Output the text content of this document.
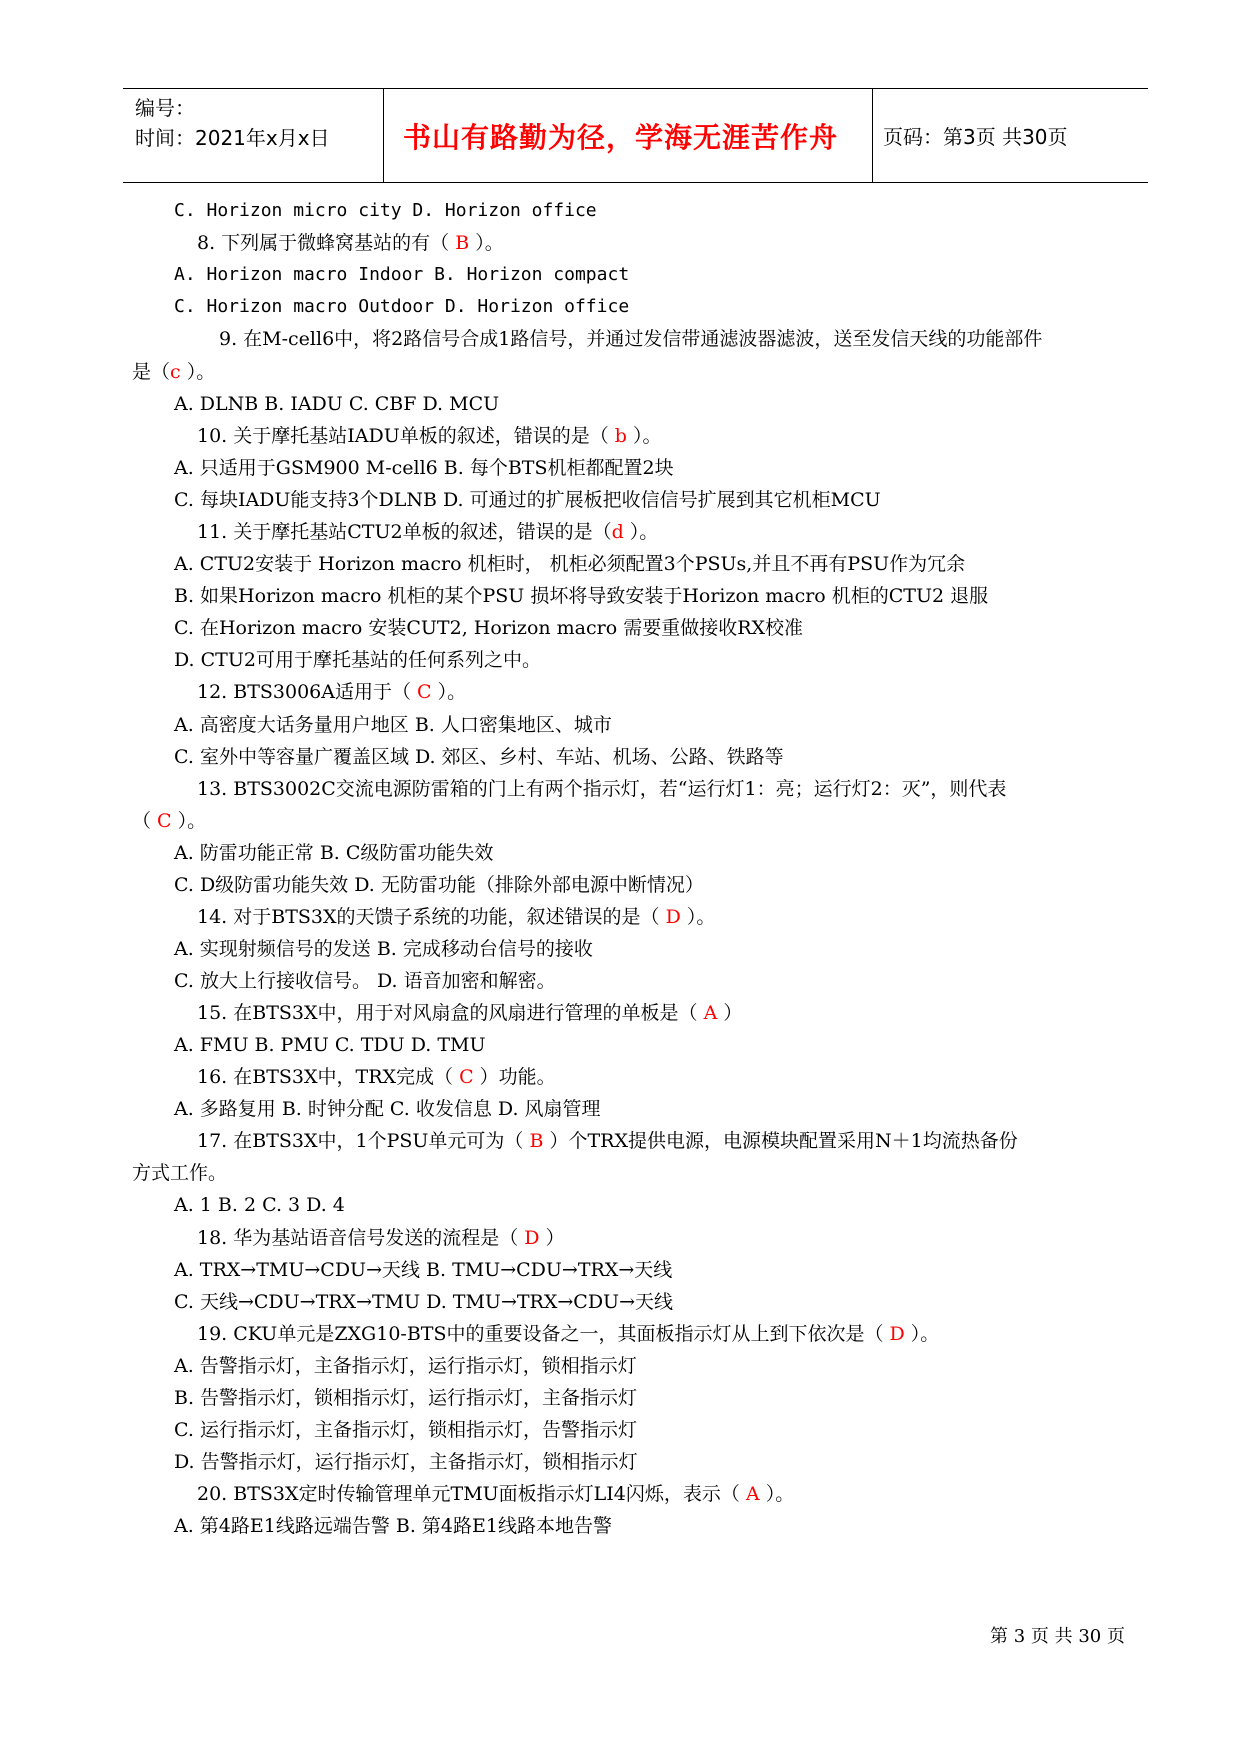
编号：
时间：2021年x月x日	书山有路勤为径，学海无涯苦作舟	页码：第3页 共30页
C. Horizon micro city D. Horizon office
8. 下列属于微蜂窝基站的有（ B ）。
A. Horizon macro Indoor B. Horizon compact
C. Horizon macro Outdoor D. Horizon office
9. 在M-cell6中，将2路信号合成1路信号，并通过发信带通滤波器滤波，送至发信天线的功能部件
是（c ）。
A. DLNB B. IADU C. CBF D. MCU
10. 关于摩托基站IADU单板的叙述，错误的是（ b ）。
A. 只适用于GSM900 M-cell6 B. 每个BTS机柜都配置2块
C. 每块IADU能支持3个DLNB D. 可通过的扩展板把收信信号扩展到其它机柜MCU
11. 关于摩托基站CTU2单板的叙述，错误的是（d ）。
A. CTU2安装于 Horizon macro 机柜时， 机柜必须配置3个PSUs,并且不再有PSU作为冗余
B. 如果Horizon macro 机柜的某个PSU 损坏将导致安装于Horizon macro 机柜的CTU2 退服
C. 在Horizon macro 安装CUT2, Horizon macro 需要重做接收RX校准
D. CTU2可用于摩托基站的任何系列之中。
12. BTS3006A适用于（ C ）。
A. 高密度大话务量用户地区 B. 人口密集地区、城市
C. 室外中等容量广覆盖区域 D. 郊区、乡村、车站、机场、公路、铁路等
13. BTS3002C交流电源防雷箱的门上有两个指示灯，若“运行灯1：亮；运行灯2：灭”，则代表
（ C ）。
A. 防雷功能正常 B. C级防雷功能失效
C. D级防雷功能失效 D. 无防雷功能（排除外部电源中断情况）
14. 对于BTS3X的天馈子系统的功能，叙述错误的是（ D ）。
A. 实现射频信号的发送 B. 完成移动台信号的接收
C. 放大上行接收信号。 D. 语音加密和解密。
15. 在BTS3X中，用于对风扇盒的风扇进行管理的单板是（ A ）
A. FMU B. PMU C. TDU D. TMU
16. 在BTS3X中，TRX完成（ C ）功能。
A. 多路复用 B. 时钟分配 C. 收发信息 D. 风扇管理
17. 在BTS3X中，1个PSU单元可为（ B ）个TRX提供电源，电源模块配置采用N＋1均流热备份
方式工作。
A. 1 B. 2 C. 3 D. 4
18. 华为基站语音信号发送的流程是（ D ）
A. TRX→TMU→CDU→天线 B. TMU→CDU→TRX→天线
C. 天线→CDU→TRX→TMU D. TMU→TRX→CDU→天线
19. CKU单元是ZXG10-BTS中的重要设备之一，其面板指示灯从上到下依次是（ D ）。
A. 告警指示灯，主备指示灯，运行指示灯，锁相指示灯
B. 告警指示灯，锁相指示灯，运行指示灯，主备指示灯
C. 运行指示灯，主备指示灯，锁相指示灯，告警指示灯
D. 告警指示灯，运行指示灯，主备指示灯，锁相指示灯
20. BTS3X定时传输管理单元TMU面板指示灯LI4闪烁，表示（ A ）。
A. 第4路E1线路远端告警 B. 第4路E1线路本地告警
第 3 页 共 30 页
